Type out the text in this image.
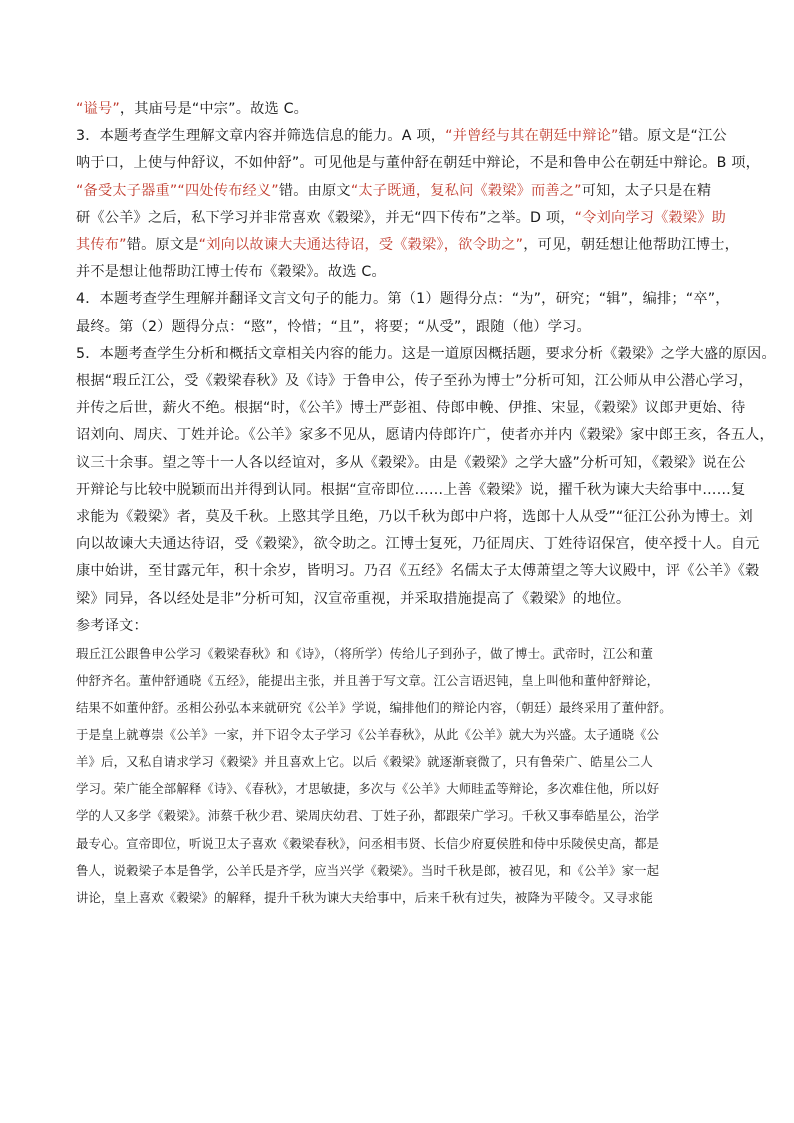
“谥号”，其庙号是“中宗”。故选 C。
3．本题考查学生理解文章内容并筛选信息的能力。A 项，“并曾经与其在朝廷中辩论”错。原文是“江公
呐于口，上使与仲舒议，不如仲舒”。可见他是与董仲舒在朝廷中辩论，不是和鲁申公在朝廷中辩论。B 项，
“备受太子器重”“四处传布经义”错。由原文“太子既通，复私问《穀梁》而善之”可知，太子只是在精
研《公羊》之后，私下学习并非常喜欢《穀梁》，并无“四下传布”之举。D 项，“令刘向学习《穀梁》助
其传布”错。原文是“刘向以故谏大夫通达待诏，受《穀梁》，欲令助之”，可见，朝廷想让他帮助江博士，
并不是想让他帮助江博士传布《穀梁》。故选 C。
4．本题考查学生理解并翻译文言文句子的能力。第（1）题得分点：“为”，研究；“辑”，编排；“卒”，
最终。第（2）题得分点：“愍”，怜惜；“且”，将要；“从受”，跟随（他）学习。
5．本题考查学生分析和概括文章相关内容的能力。这是一道原因概括题，要求分析《穀梁》之学大盛的原因。
根据“瑕丘江公，受《穀梁春秋》及《诗》于鲁申公，传子至孙为博士”分析可知，江公师从申公潜心学习，
并传之后世，薪火不绝。根据“时，《公羊》博士严彭祖、侍郎申輓、伊推、宋显，《穀梁》议郎尹更始、待
诏刘向、周庆、丁姓并论。《公羊》家多不见从，愿请内侍郎许广，使者亦并内《穀梁》家中郎王亥，各五人，
议三十余事。望之等十一人各以经谊对，多从《穀梁》。由是《穀梁》之学大盛”分析可知，《穀梁》说在公
开辩论与比较中脱颖而出并得到认同。根据“宣帝即位……上善《穀梁》说，擢千秋为谏大夫给事中……复
求能为《穀梁》者，莫及千秋。上愍其学且绝，乃以千秋为郎中户将，选郎十人从受”“征江公孙为博士。刘
向以故谏大夫通达待诏，受《穀梁》，欲令助之。江博士复死，乃征周庆、丁姓待诏保宫，使卒授十人。自元
康中始讲，至甘露元年，积十余岁，皆明习。乃召《五经》名儒太子太傅萧望之等大议殿中，评《公羊》《穀
梁》同异，各以经处是非”分析可知，汉宣帝重视，并采取措施提高了《穀梁》的地位。
参考译文：
瑕丘江公跟鲁申公学习《穀梁春秋》和《诗》，（将所学）传给儿子到孙子，做了博士。武帝时，江公和董
仲舒齐名。董仲舒通晓《五经》，能提出主张，并且善于写文章。江公言语迟钝，皇上叫他和董仲舒辩论，
结果不如董仲舒。丞相公孙弘本来就研究《公羊》学说，编排他们的辩论内容，（朝廷）最终采用了董仲舒。
于是皇上就尊崇《公羊》一家，并下诏令太子学习《公羊春秋》，从此《公羊》就大为兴盛。太子通晓《公
羊》后，又私自请求学习《穀梁》并且喜欢上它。以后《穀梁》就逐渐衰微了，只有鲁荣广、皓星公二人
学习。荣广能全部解释《诗》、《春秋》，才思敏捷，多次与《公羊》大师眭孟等辩论，多次难住他，所以好
学的人又多学《穀梁》。沛蔡千秋少君、梁周庆幼君、丁姓子孙，都跟荣广学习。千秋又事奉皓星公，治学
最专心。宣帝即位，听说卫太子喜欢《穀梁春秋》，问丞相韦贤、长信少府夏侯胜和侍中乐陵侯史高，都是
鲁人，说穀梁子本是鲁学，公羊氏是齐学，应当兴学《穀梁》。当时千秋是郎，被召见，和《公羊》家一起
讲论，皇上喜欢《穀梁》的解释，提升千秋为谏大夫给事中，后来千秋有过失，被降为平陵令。又寻求能
